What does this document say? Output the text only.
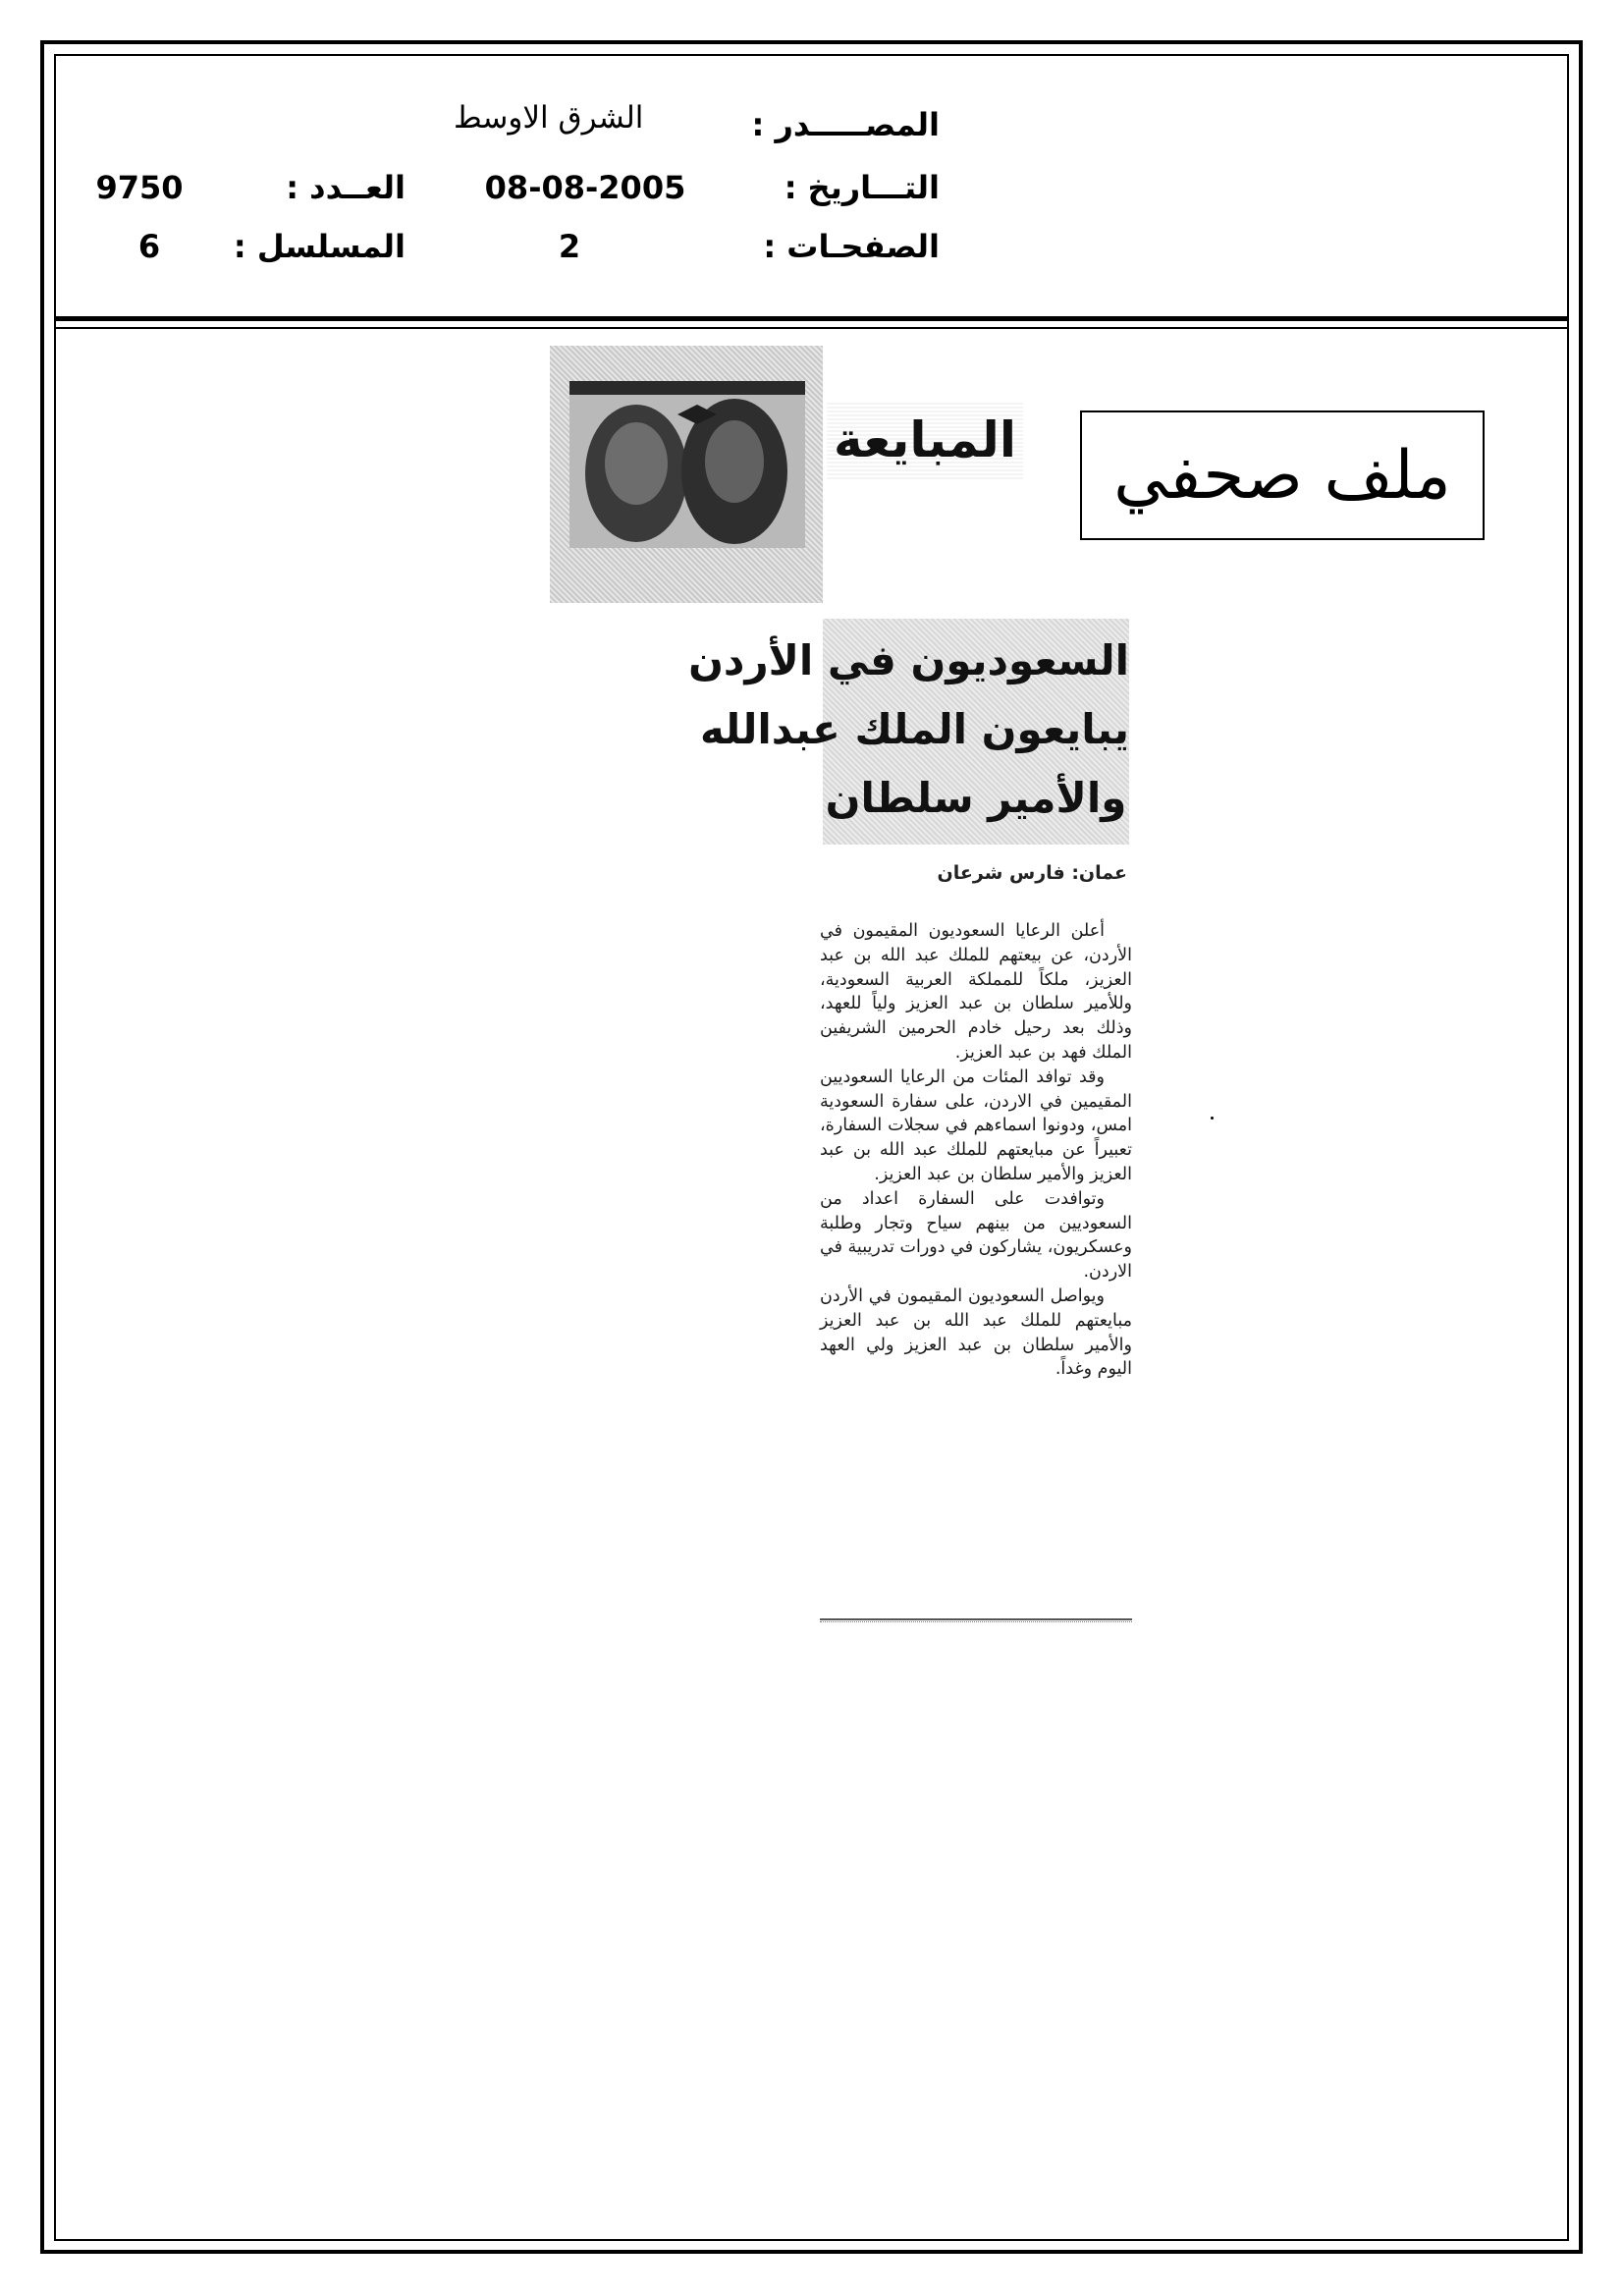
المصـــــدر :
الشرق الاوسط
التـــاريخ :
08-08-2005
الصفحـات :
2
العــدد :
9750
المسلسل :
6
ملف صحفي
المبايعة
السعوديون في الأردن
يبايعون الملك عبدالله
والأمير سلطان
عمان: فارس شرعان

أعلن الرعايا السعوديون المقيمون في الأردن، عن بيعتهم للملك عبد الله بن عبد العزيز، ملكاً للمملكة العربية السعودية، وللأمير سلطان بن عبد العزيز ولياً للعهد، وذلك بعد رحيل خادم الحرمين الشريفين الملك فهد بن عبد العزيز.

وقد توافد المئات من الرعايا السعوديين المقيمين في الاردن، على سفارة السعودية امس، ودونوا اسماءهم في سجلات السفارة، تعبيراً عن مبايعتهم للملك عبد الله بن عبد العزيز والأمير سلطان بن عبد العزيز.

وتوافدت على السفارة اعداد من السعوديين من بينهم سياح وتجار وطلبة وعسكريون، يشاركون في دورات تدريبية في الاردن.

ويواصل السعوديون المقيمون في الأردن مبايعتهم للملك عبد الله بن عبد العزيز والأمير سلطان بن عبد العزيز ولي العهد اليوم وغداً.
